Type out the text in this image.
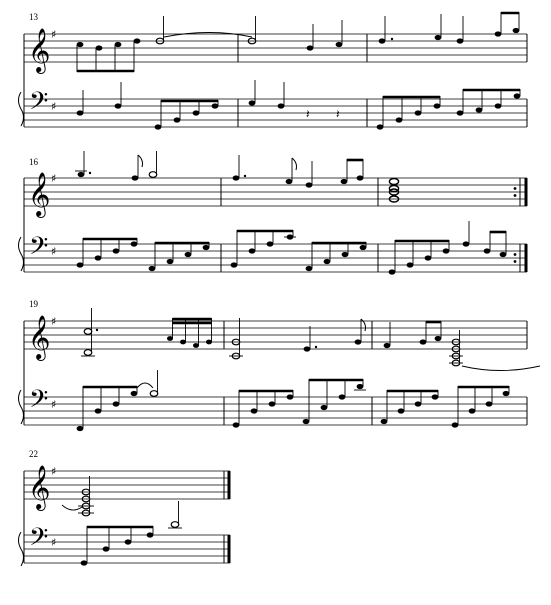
13
𝄞 ♯
𝄢 ♯
𝄽 𝄽
16
𝄞 ♯
𝄢 ♯
19
𝄞 ♯
𝄢 ♯
22
𝄞 ♯
𝄢 ♯
